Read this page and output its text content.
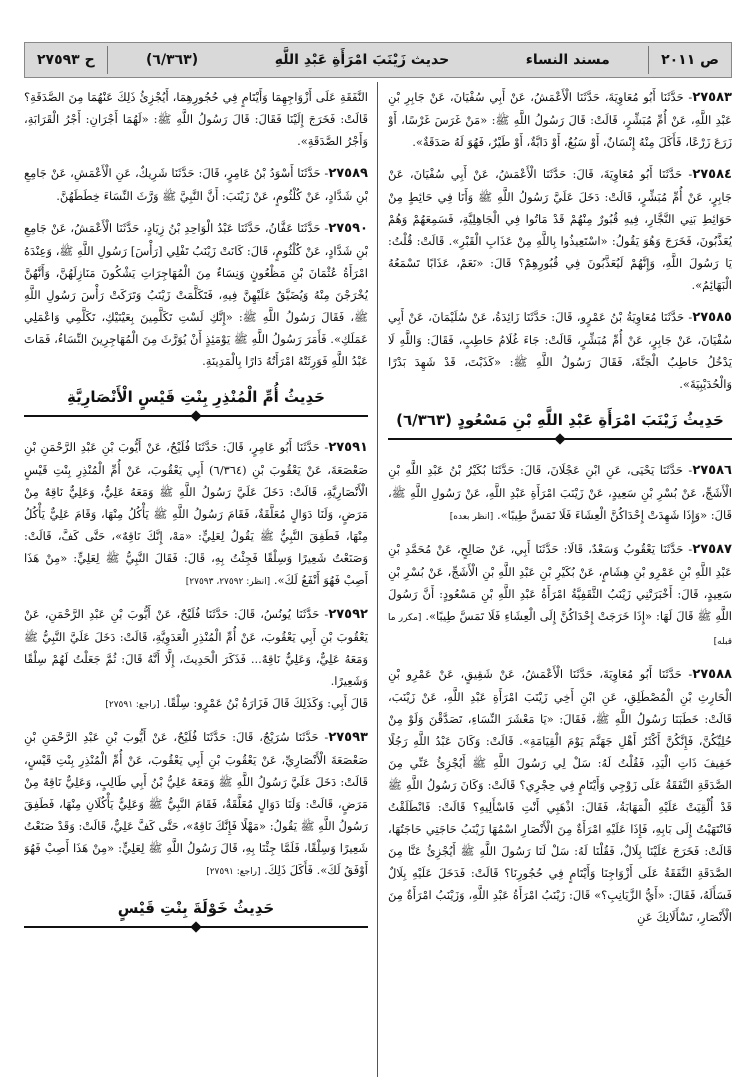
ص ٢٠١١
مسند النساء
حديث زَيْنَبَ امْرَأَةِ عَبْدِ اللَّهِ
(٦/٣٦٣)
ح ٢٧٥٩٣

٢٧٥٨٣- حَدَّثَنَا أَبُو مُعَاوِيَةَ، حَدَّثَنَا الْأَعْمَشُ، عَنْ أَبِي سُفْيَانَ، عَنْ جَابِرِ بْنِ عَبْدِ اللَّهِ، عَنْ أُمِّ مُبَشِّرٍ، قَالَتْ: قَالَ رَسُولُ اللَّهِ ﷺ: «مَنْ غَرَسَ غَرْسًا، أَوْ زَرَعَ زَرْعًا، فَأَكَلَ مِنْهُ إِنْسَانٌ، أَوْ سَبُعٌ، أَوْ دَابَّةٌ، أَوْ طَيْرٌ، فَهُوَ لَهُ صَدَقَةٌ».

٢٧٥٨٤- حَدَّثَنَا أَبُو مُعَاوِيَةَ، قَالَ: حَدَّثَنَا الْأَعْمَشُ، عَنْ أَبِي سُفْيَانَ، عَنْ جَابِرٍ، عَنْ أُمِّ مُبَشِّرٍ، قَالَتْ: دَخَلَ عَلَيَّ رَسُولُ اللَّهِ ﷺ وَأَنَا فِي حَائِطٍ مِنْ حَوَائِطِ بَنِي النَّجَّارِ، فِيهِ قُبُورٌ مِنْهُمْ قَدْ مَاتُوا فِي الْجَاهِلِيَّةِ، فَسَمِعَهُمْ وَهُمْ يُعَذَّبُونَ، فَخَرَجَ وَهُوَ يَقُولُ: «اسْتَعِيذُوا بِاللَّهِ مِنْ عَذَابِ الْقَبْرِ». قَالَتْ: قُلْتُ: يَا رَسُولَ اللَّهِ، وَإِنَّهُمْ لَيُعَذَّبُونَ فِي قُبُورِهِمْ؟ قَالَ: «نَعَمْ، عَذَابًا تَسْمَعُهُ الْبَهَائِمُ».

٢٧٥٨٥- حَدَّثَنَا مُعَاوِيَةُ بْنُ عَمْرٍو، قَالَ: حَدَّثَنَا زَائِدَةُ، عَنْ سُلَيْمَانَ، عَنْ أَبِي سُفْيَانَ، عَنْ جَابِرٍ، عَنْ أُمِّ مُبَشِّرٍ، قَالَتْ: جَاءَ غُلَامُ حَاطِبٍ، فَقَالَ: وَاللَّهِ لَا يَدْخُلُ حَاطِبٌ الْجَنَّةَ، فَقَالَ رَسُولُ اللَّهِ ﷺ: «كَذَبْتَ، قَدْ شَهِدَ بَدْرًا وَالْحُدَيْبِيَةَ».

حَدِيثُ زَيْنَبَ امْرَأَةِ عَبْدِ اللَّهِ بْنِ مَسْعُودٍ (٦/٣٦٣)

٢٧٥٨٦- حَدَّثَنَا يَحْيَى، عَنِ ابْنِ عَجْلَانَ، قَالَ: حَدَّثَنَا بُكَيْرُ بْنُ عَبْدِ اللَّهِ بْنِ الْأَشَجِّ، عَنْ بُسْرِ بْنِ سَعِيدٍ، عَنْ زَيْنَبَ امْرَأَةِ عَبْدِ اللَّهِ، عَنْ رَسُولِ اللَّهِ ﷺ، قَالَ: «وَإِذَا شَهِدَتْ إِحْدَاكُنَّ الْعِشَاءَ فَلَا تَمَسَّ طِيبًا». [انظر بعده]

٢٧٥٨٧- حَدَّثَنَا يَعْقُوبُ وَسَعْدٌ، قَالَا: حَدَّثَنَا أَبِي، عَنْ صَالِحٍ، عَنْ مُحَمَّدِ بْنِ عَبْدِ اللَّهِ بْنِ عَمْرِو بْنِ هِشَامٍ، عَنْ بُكَيْرِ بْنِ عَبْدِ اللَّهِ بْنِ الْأَشَجِّ، عَنْ بُسْرِ بْنِ سَعِيدٍ، قَالَ: أَخْبَرَتْنِي زَيْنَبُ الثَّقَفِيَّةُ امْرَأَةُ عَبْدِ اللَّهِ بْنِ مَسْعُودٍ: أَنَّ رَسُولَ اللَّهِ ﷺ قَالَ لَهَا: «إِذَا خَرَجَتْ إِحْدَاكُنَّ إِلَى الْعِشَاءِ فَلَا تَمَسَّ طِيبًا». [مكرر ما قبله]

٢٧٥٨٨- حَدَّثَنَا أَبُو مُعَاوِيَةَ، حَدَّثَنَا الْأَعْمَشُ، عَنْ شَقِيقٍ، عَنْ عَمْرِو بْنِ الْحَارِثِ بْنِ الْمُصْطَلِقِ، عَنِ ابْنِ أَخِي زَيْنَبَ امْرَأَةِ عَبْدِ اللَّهِ، عَنْ زَيْنَبَ، قَالَتْ: خَطَبَنَا رَسُولُ اللَّهِ ﷺ، فَقَالَ: «يَا مَعْشَرَ النِّسَاءِ، تَصَدَّقْنَ وَلَوْ مِنْ حُلِيِّكُنَّ، فَإِنَّكُنَّ أَكْثَرُ أَهْلِ جَهَنَّمَ يَوْمَ الْقِيَامَةِ». قَالَتْ: وَكَانَ عَبْدُ اللَّهِ رَجُلًا خَفِيفَ ذَاتِ الْيَدِ، فَقُلْتُ لَهُ: سَلْ لِي رَسُولَ اللَّهِ ﷺ أَيُجْزِئُ عَنِّي مِنَ الصَّدَقَةِ النَّفَقَةُ عَلَى زَوْجِي وَأَيْتَامٍ فِي حِجْرِي؟ قَالَتْ: وَكَانَ رَسُولُ اللَّهِ ﷺ قَدْ أُلْقِيَتْ عَلَيْهِ الْمَهَابَةُ، فَقَالَ: اذْهَبِي أَنْتِ فَاسْأَلِيهِ؟ قَالَتْ: فَانْطَلَقْتُ فَانْتَهَيْتُ إِلَى بَابِهِ، فَإِذَا عَلَيْهِ امْرَأَةٌ مِنَ الْأَنْصَارِ اسْمُهَا زَيْنَبُ حَاجَتِي حَاجَتُهَا، قَالَتْ: فَخَرَجَ عَلَيْنَا بِلَالٌ، فَقُلْنَا لَهُ: سَلْ لَنَا رَسُولَ اللَّهِ ﷺ أَيُجْزِئُ عَنَّا مِنَ الصَّدَقَةِ النَّفَقَةُ عَلَى أَزْوَاجِنَا وَأَيْتَامٍ فِي حُجُورِنَا؟ قَالَتْ: فَدَخَلَ عَلَيْهِ بِلَالٌ فَسَأَلَهُ، فَقَالَ: «أَيُّ الزَّيَانِبِ؟» قَالَ: زَيْنَبُ امْرَأَةُ عَبْدِ اللَّهِ، وَزَيْنَبُ امْرَأَةٌ مِنَ الْأَنْصَارِ، تَسْأَلَانِكَ عَنِ

النَّفَقَةِ عَلَى أَزْوَاجِهِمَا وَأَيْتَامٍ فِي حُجُورِهِمَا، أَيُجْزِئُ ذَلِكَ عَنْهُمَا مِنَ الصَّدَقَةِ؟ قَالَتْ: فَخَرَجَ إِلَيْنَا فَقَالَ: قَالَ رَسُولُ اللَّهِ ﷺ: «لَهُمَا أَجْرَانِ: أَجْرُ الْقَرَابَةِ، وَأَجْرُ الصَّدَقَةِ».

٢٧٥٨٩- حَدَّثَنَا أَسْوَدُ بْنُ عَامِرٍ، قَالَ: حَدَّثَنَا شَرِيكٌ، عَنِ الْأَعْمَشِ، عَنْ جَامِعِ بْنِ شَدَّادٍ، عَنْ كُلْثُومٍ، عَنْ زَيْنَبَ: أَنَّ النَّبِيَّ ﷺ وَرَّثَ النِّسَاءَ خِطَطَهُنَّ.

٢٧٥٩٠- حَدَّثَنَا عَفَّانُ، حَدَّثَنَا عَبْدُ الْوَاحِدِ بْنُ زِيَادٍ، حَدَّثَنَا الْأَعْمَشُ، عَنْ جَامِعِ بْنِ شَدَّادٍ، عَنْ كُلْثُومٍ، قَالَ: كَانَتْ زَيْنَبُ تَفْلِي [رَأْسَ] رَسُولِ اللَّهِ ﷺ، وَعِنْدَهُ امْرَأَةُ عُثْمَانَ بْنِ مَظْعُونٍ وَنِسَاءٌ مِنَ الْمُهَاجِرَاتِ يَشْكُونَ مَنَازِلَهُنَّ، وَأَنَّهُنَّ يُخْرَجْنَ مِنْهُ وَيُضَيَّقُ عَلَيْهِنَّ فِيهِ، فَتَكَلَّمَتْ زَيْنَبُ وَتَرَكَتْ رَأْسَ رَسُولِ اللَّهِ ﷺ، فَقَالَ رَسُولُ اللَّهِ ﷺ: «إِنَّكِ لَسْتِ تَكَلَّمِينَ بِعَيْنَيْكِ، تَكَلَّمِي وَاعْمَلِي عَمَلَكِ». فَأَمَرَ رَسُولُ اللَّهِ ﷺ يَوْمَئِذٍ أَنْ يُوَرَّثَ مِنَ الْمُهَاجِرِينَ النِّسَاءُ، فَمَاتَ عَبْدُ اللَّهِ فَوَرِثَتْهُ امْرَأَتُهُ دَارًا بِالْمَدِينَةِ.

حَدِيثُ أُمِّ الْمُنْذِرِ بِنْتِ قَيْسٍ الْأَنْصَارِيَّةِ

٢٧٥٩١- حَدَّثَنَا أَبُو عَامِرٍ، قَالَ: حَدَّثَنَا فُلَيْحٌ، عَنْ أَيُّوبَ بْنِ عَبْدِ الرَّحْمَنِ بْنِ صَعْصَعَةَ، عَنْ يَعْقُوبَ بْنِ (٦/٣٦٤) أَبِي يَعْقُوبَ، عَنْ أُمِّ الْمُنْذِرِ بِنْتِ قَيْسٍ الْأَنْصَارِيَّةِ، قَالَتْ: دَخَلَ عَلَيَّ رَسُولُ اللَّهِ ﷺ وَمَعَهُ عَلِيٌّ، وَعَلِيٌّ نَاقِهٌ مِنْ مَرَضٍ، وَلَنَا دَوَالٍ مُعَلَّقَةٌ، فَقَامَ رَسُولُ اللَّهِ ﷺ يَأْكُلُ مِنْهَا، وَقَامَ عَلِيٌّ يَأْكُلُ مِنْهَا، فَطَفِقَ النَّبِيُّ ﷺ يَقُولُ لِعَلِيٍّ: «مَهْ، إِنَّكَ نَاقِهٌ»، حَتَّى كَفَّ، قَالَتْ: وَصَنَعْتُ شَعِيرًا وَسِلْقًا فَجِئْتُ بِهِ، قَالَ: فَقَالَ النَّبِيُّ ﷺ لِعَلِيٍّ: «مِنْ هَذَا أَصِبْ فَهُوَ أَنْفَعُ لَكَ». [انظر: ٢٧٥٩٢، ٢٧٥٩٣]

٢٧٥٩٢- حَدَّثَنَا يُونُسُ، قَالَ: حَدَّثَنَا فُلَيْحٌ، عَنْ أَيُّوبَ بْنِ عَبْدِ الرَّحْمَنِ، عَنْ يَعْقُوبَ بْنِ أَبِي يَعْقُوبَ، عَنْ أُمِّ الْمُنْذِرِ الْعَدَوِيَّةِ، قَالَتْ: دَخَلَ عَلَيَّ النَّبِيُّ ﷺ وَمَعَهُ عَلِيٌّ، وَعَلِيٌّ نَاقِهٌ... فَذَكَرَ الْحَدِيثَ، إِلَّا أَنَّهُ قَالَ: ثُمَّ جَعَلْتُ لَهُمْ سِلْقًا وَشَعِيرًا.
قَالَ أَبِي: وَكَذَلِكَ قَالَ فَزَارَةُ بْنُ عَمْرٍو: سِلْقًا. [راجع: ٢٧٥٩١]

٢٧٥٩٣- حَدَّثَنَا سُرَيْجٌ، قَالَ: حَدَّثَنَا فُلَيْحٌ، عَنْ أَيُّوبَ بْنِ عَبْدِ الرَّحْمَنِ بْنِ صَعْصَعَةَ الْأَنْصَارِيِّ، عَنْ يَعْقُوبَ بْنِ أَبِي يَعْقُوبَ، عَنْ أُمِّ الْمُنْذِرِ بِنْتِ قَيْسٍ، قَالَتْ: دَخَلَ عَلَيَّ رَسُولُ اللَّهِ ﷺ وَمَعَهُ عَلِيُّ بْنُ أَبِي طَالِبٍ، وَعَلِيٌّ نَاقِهٌ مِنْ مَرَضٍ، قَالَتْ: وَلَنَا دَوَالٍ مُعَلَّقَةٌ، فَقَامَ النَّبِيُّ ﷺ وَعَلِيٌّ يَأْكُلَانِ مِنْهَا، فَطَفِقَ رَسُولُ اللَّهِ ﷺ يَقُولُ: «مَهْلًا فَإِنَّكَ نَاقِهٌ»، حَتَّى كَفَّ عَلِيٌّ، قَالَتْ: وَقَدْ صَنَعْتُ شَعِيرًا وَسِلْقًا، فَلَمَّا جِئْنَا بِهِ، قَالَ رَسُولُ اللَّهِ ﷺ لِعَلِيٍّ: «مِنْ هَذَا أَصِبْ فَهُوَ أَوْفَقُ لَكَ». فَأَكَلَ ذَلِكَ. [راجع: ٢٧٥٩١]

حَدِيثُ خَوْلَةَ بِنْتِ قَيْسٍ
